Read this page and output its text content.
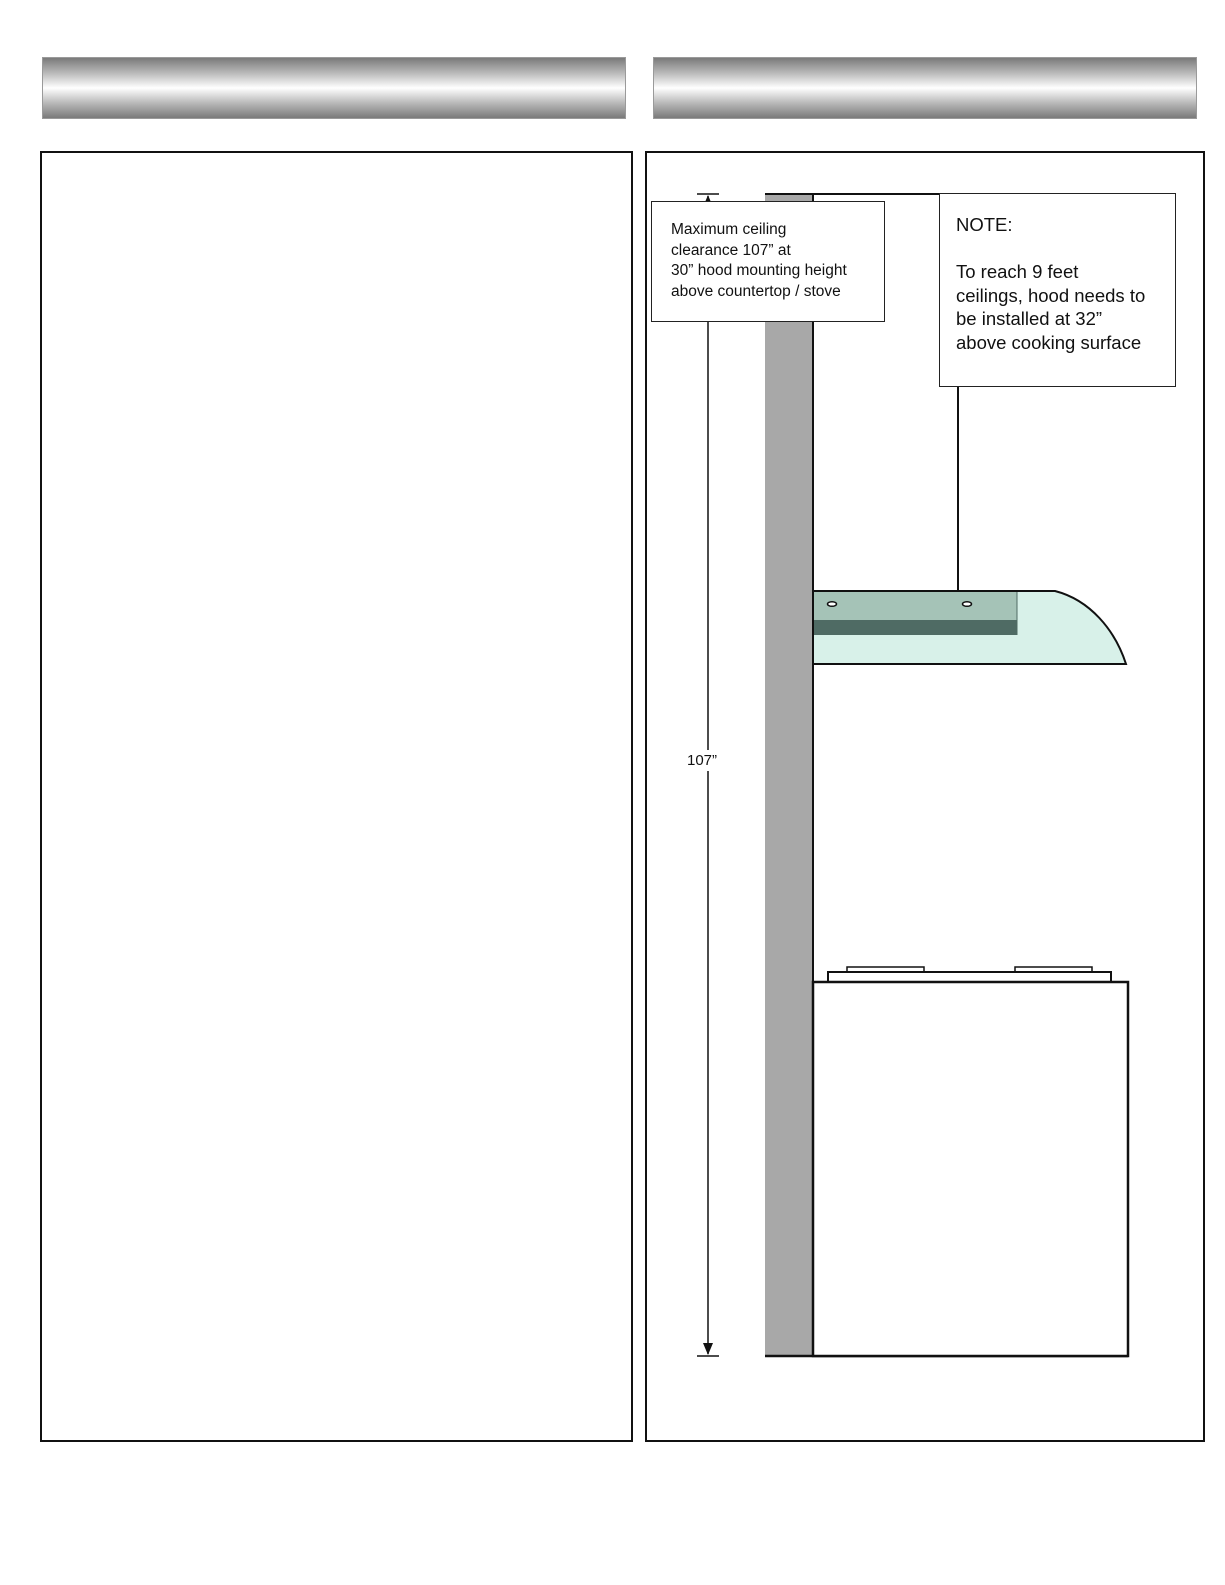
Maximum ceiling
clearance 107” at
30” hood mounting height
above countertop / stove
NOTE:
To reach 9 feet
ceilings, hood needs to
be installed at 32”
above cooking surface
107”
